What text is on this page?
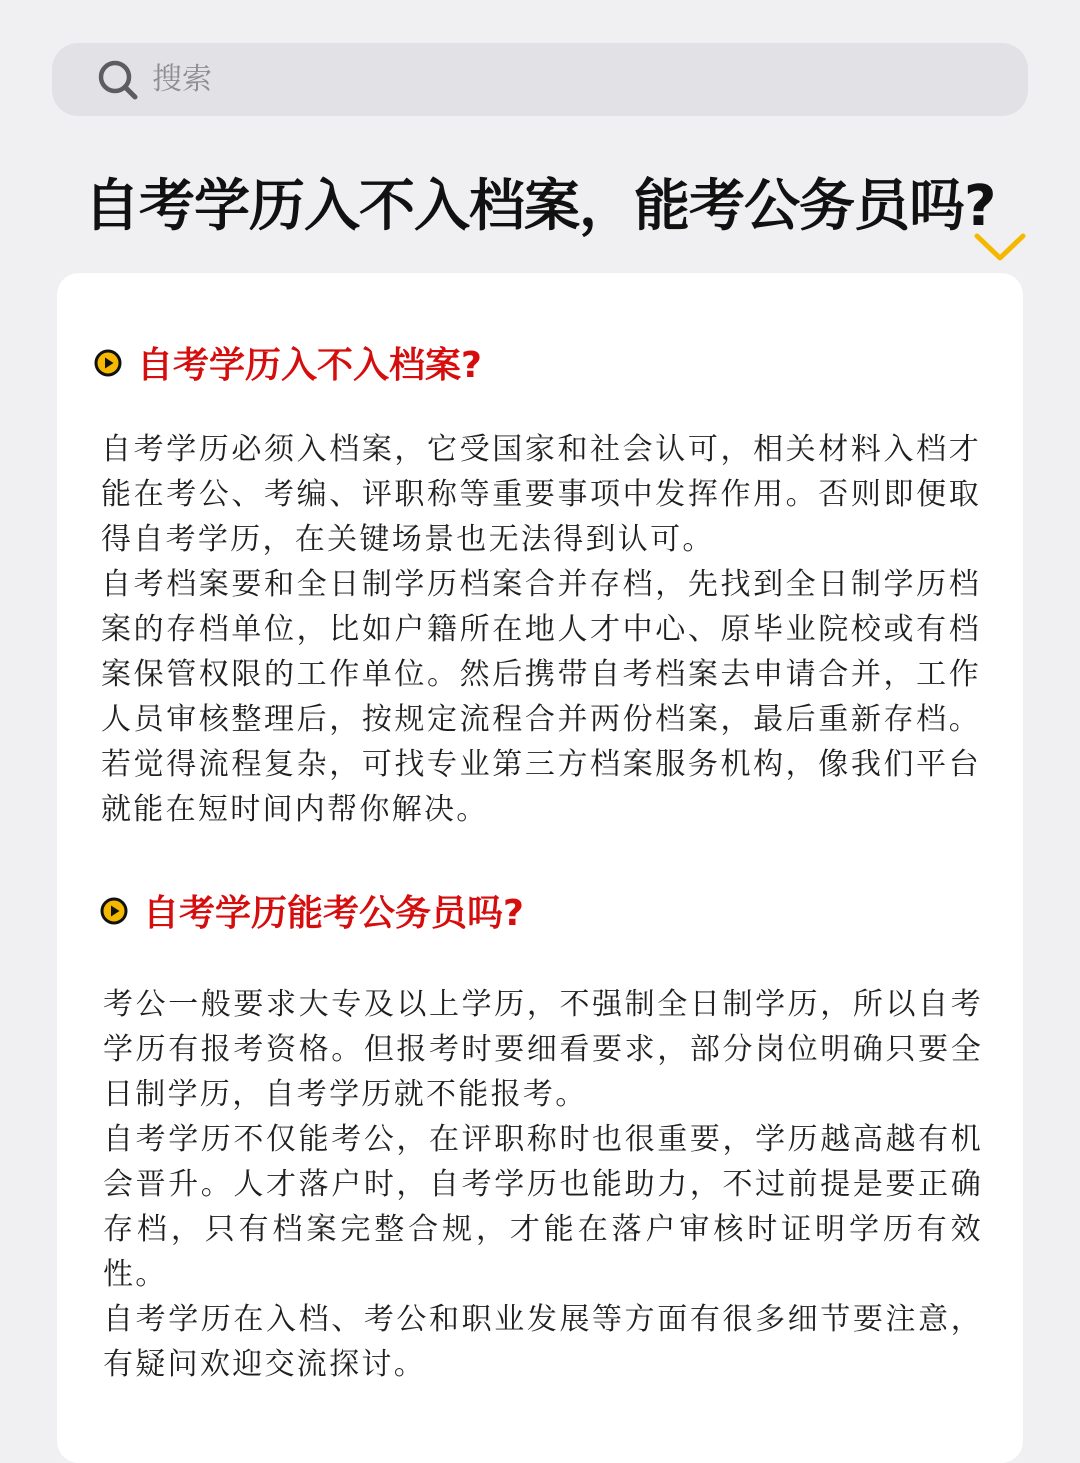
搜索
自考学历入不入档案，能考公务员吗?
自考学历入不入档案?

自考学历必须入档案，它受国家和社会认可，相关材料入档才能在考公、考编、评职称等重要事项中发挥作用。否则即便取得自考学历，在关键场景也无法得到认可。

自考档案要和全日制学历档案合并存档，先找到全日制学历档案的存档单位，比如户籍所在地人才中心、原毕业院校或有档案保管权限的工作单位。然后携带自考档案去申请合并，工作人员审核整理后，按规定流程合并两份档案，最后重新存档。若觉得流程复杂，可找专业第三方档案服务机构，像我们平台就能在短时间内帮你解决。

自考学历能考公务员吗?

考公一般要求大专及以上学历，不强制全日制学历，所以自考学历有报考资格。但报考时要细看要求，部分岗位明确只要全日制学历，自考学历就不能报考。

自考学历不仅能考公，在评职称时也很重要，学历越高越有机会晋升。人才落户时，自考学历也能助力，不过前提是要正确存档，只有档案完整合规，才能在落户审核时证明学历有效性。

自考学历在入档、考公和职业发展等方面有很多细节要注意，有疑问欢迎交流探讨。
